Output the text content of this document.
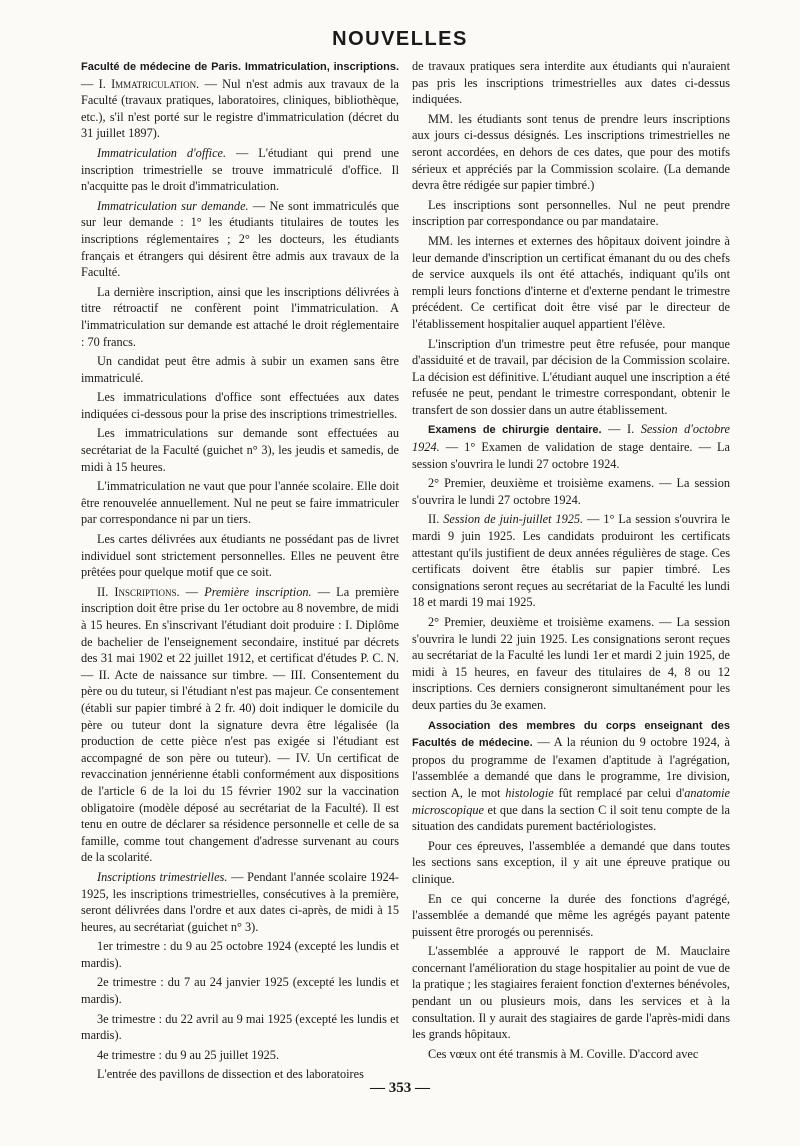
NOUVELLES

Faculté de médecine de Paris. Immatriculation, inscriptions. — I. Immatriculation. — Nul n'est admis aux travaux de la Faculté (travaux pratiques, laboratoires, cliniques, bibliothèque, etc.), s'il n'est porté sur le registre d'immatriculation (décret du 31 juillet 1897).

Immatriculation d'office. — L'étudiant qui prend une inscription trimestrielle se trouve immatriculé d'office. Il n'acquitte pas le droit d'immatriculation.

Immatriculation sur demande. — Ne sont immatriculés que sur leur demande : 1° les étudiants titulaires de toutes les inscriptions réglementaires ; 2° les docteurs, les étudiants français et étrangers qui désirent être admis aux travaux de la Faculté.

La dernière inscription, ainsi que les inscriptions délivrées à titre rétroactif ne confèrent point l'immatriculation. A l'immatriculation sur demande est attaché le droit réglementaire : 70 francs.

Un candidat peut être admis à subir un examen sans être immatriculé.

Les immatriculations d'office sont effectuées aux dates indiquées ci-dessous pour la prise des inscriptions trimestrielles.

Les immatriculations sur demande sont effectuées au secrétariat de la Faculté (guichet n° 3), les jeudis et samedis, de midi à 15 heures.

L'immatriculation ne vaut que pour l'année scolaire. Elle doit être renouvelée annuellement. Nul ne peut se faire immatriculer par correspondance ni par un tiers.

Les cartes délivrées aux étudiants ne possédant pas de livret individuel sont strictement personnelles. Elles ne peuvent être prêtées pour quelque motif que ce soit.

II. Inscriptions. — Première inscription. — La première inscription doit être prise du 1er octobre au 8 novembre, de midi à 15 heures. En s'inscrivant l'étudiant doit produire : I. Diplôme de bachelier de l'enseignement secondaire, institué par décrets des 31 mai 1902 et 22 juillet 1912, et certificat d'études P. C. N. — II. Acte de naissance sur timbre. — III. Consentement du père ou du tuteur, si l'étudiant n'est pas majeur. Ce consentement (établi sur papier timbré à 2 fr. 40) doit indiquer le domicile du père ou tuteur dont la signature devra être légalisée (la production de cette pièce n'est pas exigée si l'étudiant est accompagné de son père ou tuteur). — IV. Un certificat de revaccination jennérienne établi conformément aux dispositions de l'article 6 de la loi du 15 février 1902 sur la vaccination obligatoire (modèle déposé au secrétariat de la Faculté). Il est tenu en outre de déclarer sa résidence personnelle et celle de sa famille, comme tout changement d'adresse survenant au cours de la scolarité.

Inscriptions trimestrielles. — Pendant l'année scolaire 1924-1925, les inscriptions trimestrielles, consécutives à la première, seront délivrées dans l'ordre et aux dates ci-après, de midi à 15 heures, au secrétariat (guichet n° 3).

1er trimestre : du 9 au 25 octobre 1924 (excepté les lundis et mardis).

2e trimestre : du 7 au 24 janvier 1925 (excepté les lundis et mardis).

3e trimestre : du 22 avril au 9 mai 1925 (excepté les lundis et mardis).

4e trimestre : du 9 au 25 juillet 1925.

L'entrée des pavillons de dissection et des laboratoires

de travaux pratiques sera interdite aux étudiants qui n'auraient pas pris les inscriptions trimestrielles aux dates ci-dessus indiquées.

MM. les étudiants sont tenus de prendre leurs inscriptions aux jours ci-dessus désignés. Les inscriptions trimestrielles ne seront accordées, en dehors de ces dates, que pour des motifs sérieux et appréciés par la Commission scolaire. (La demande devra être rédigée sur papier timbré.)

Les inscriptions sont personnelles. Nul ne peut prendre inscription par correspondance ou par mandataire.

MM. les internes et externes des hôpitaux doivent joindre à leur demande d'inscription un certificat émanant du ou des chefs de service auxquels ils ont été attachés, indiquant qu'ils ont rempli leurs fonctions d'interne et d'externe pendant le trimestre précédent. Ce certificat doit être visé par le directeur de l'établissement hospitalier auquel appartient l'élève.

L'inscription d'un trimestre peut être refusée, pour manque d'assiduité et de travail, par décision de la Commission scolaire. La décision est définitive. L'étudiant auquel une inscription a été refusée ne peut, pendant le trimestre correspondant, obtenir le transfert de son dossier dans un autre établissement.

Examens de chirurgie dentaire. — I. Session d'octobre 1924. — 1° Examen de validation de stage dentaire. — La session s'ouvrira le lundi 27 octobre 1924.

2° Premier, deuxième et troisième examens. — La session s'ouvrira le lundi 27 octobre 1924.

II. Session de juin-juillet 1925. — 1° La session s'ouvrira le mardi 9 juin 1925. Les candidats produiront les certificats attestant qu'ils justifient de deux années régulières de stage. Ces certificats doivent être établis sur papier timbré. Les consignations seront reçues au secrétariat de la Faculté les lundi 18 et mardi 19 mai 1925.

2° Premier, deuxième et troisième examens. — La session s'ouvrira le lundi 22 juin 1925. Les consignations seront reçues au secrétariat de la Faculté les lundi 1er et mardi 2 juin 1925, de midi à 15 heures, en faveur des titulaires de 4, 8 ou 12 inscriptions. Ces derniers consigneront simultanément pour les deux parties du 3e examen.

Association des membres du corps enseignant des Facultés de médecine. — A la réunion du 9 octobre 1924, à propos du programme de l'examen d'aptitude à l'agrégation, l'assemblée a demandé que dans le programme, 1re division, section A, le mot histologie fût remplacé par celui d'anatomie microscopique et que dans la section C il soit tenu compte de la situation des candidats purement bactériologistes.

Pour ces épreuves, l'assemblée a demandé que dans toutes les sections sans exception, il y ait une épreuve pratique ou clinique.

En ce qui concerne la durée des fonctions d'agrégé, l'assemblée a demandé que même les agrégés payant patente puissent être prorogés ou perennisés.

L'assemblée a approuvé le rapport de M. Mauclaire concernant l'amélioration du stage hospitalier au point de vue de la pratique ; les stagiaires feraient fonction d'externes bénévoles, pendant un ou plusieurs mois, dans les services et à la consultation. Il y aurait des stagiaires de garde l'après-midi dans les grands hôpitaux.

Ces vœux ont été transmis à M. Coville. D'accord avec

— 353 —
